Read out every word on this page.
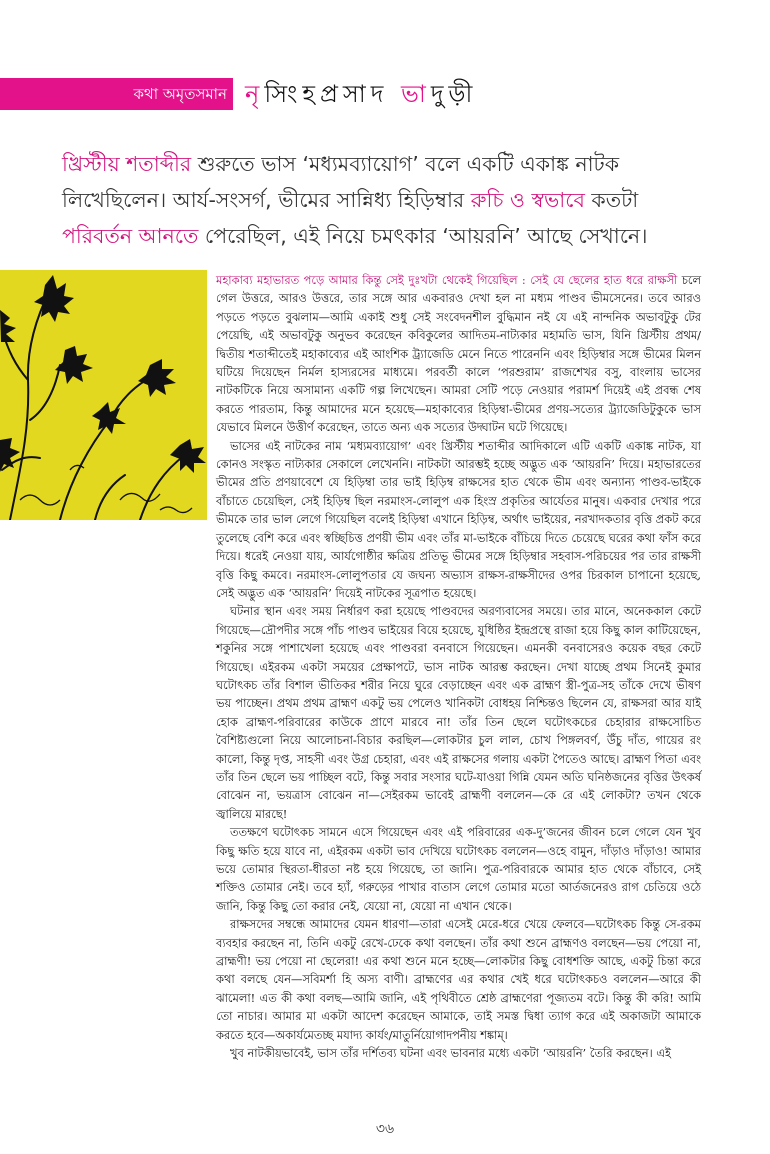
কথা অমৃতসমান নৃসিংহপ্রসাদ ভাদুড়ী
খ্রিস্টীয় শতাব্দীর শুরুতে ভাস ‘মধ্যমব্যায়োগ’ বলে একটি একাঙ্ক নাটক লিখেছিলেন। আর্য-সংসর্গ, ভীমের সান্নিধ্য হিড়িম্বার রুচি ও স্বভাবে কতটা পরিবর্তন আনতে পেরেছিল, এই নিয়ে চমৎকার ‘আয়রনি’ আছে সেখানে।

মহাকাব্য মহাভারত পড়ে আমার কিন্তু সেই দুঃখটা থেকেই গিয়েছিল : সেই যে ছেলের হাত ধরে রাক্ষসী চলে গেল উত্তরে, আরও উত্তরে, তার সঙ্গে আর একবারও দেখা হল না মধ্যম পাণ্ডব ভীমসেনের। তবে আরও পড়তে পড়তে বুঝলাম—আমি একাই শুধু সেই সংবেদনশীল বুদ্ধিমান নই যে এই নান্দনিক অভাবটুকু টের পেয়েছি, এই অভাবটুকু অনুভব করেছেন কবিকুলের আদিতম-নাট্যকার মহামতি ভাস, যিনি খ্রিস্টীয় প্রথম/দ্বিতীয় শতাব্দীতেই মহাকাব্যের এই আংশিক ট্র্যাজেডি মেনে নিতে পারেননি এবং হিড়িম্বার সঙ্গে ভীমের মিলন ঘটিয়ে দিয়েছেন নির্মল হাস্যরসের মাধ্যমে। পরবর্তী কালে ‘পরশুরাম’ রাজশেখর বসু, বাংলায় ভাসের নাটকটিকে নিয়ে অসামান্য একটি গল্প লিখেছেন। আমরা সেটি পড়ে নেওয়ার পরামর্শ দিয়েই এই প্রবন্ধ শেষ করতে পারতাম, কিন্তু আমাদের মনে হয়েছে—মহাকাব্যের হিড়িম্বা-ভীমের প্রণয়-সত্যের ট্র্যাজেডিটুকুকে ভাস যেভাবে মিলনে উত্তীর্ণ করেছেন, তাতে অন্য এক সত্যের উদ্ঘাটন ঘটে গিয়েছে।

ভাসের এই নাটকের নাম ‘মধ্যমব্যায়োগ’ এবং খ্রিস্টীয় শতাব্দীর আদিকালে এটি একটি একাঙ্ক নাটক, যা কোনও সংস্কৃত নাট্যকার সেকালে লেখেননি। নাটকটা আরম্ভই হচ্ছে অদ্ভুত এক ‘আয়রনি’ দিয়ে। মহাভারতের ভীমের প্রতি প্রণয়াবেশে যে হিড়িম্বা তার ভাই হিড়িম্ব রাক্ষসের হাত থেকে ভীম এবং অন্যান্য পাণ্ডব-ভাইকে বাঁচাতে চেয়েছিল, সেই হিড়িম্ব ছিল নরমাংস-লোলুপ এক হিংস্র প্রকৃতির আর্যেতর মানুষ। একবার দেখার পরে ভীমকে তার ভাল লেগে গিয়েছিল বলেই হিড়িম্বা এখানে হিড়িম্ব, অর্থাৎ ভাইয়ের, নরখাদকতার বৃত্তি প্রকট করে তুলেছে বেশি করে এবং স্বচ্ছিচিত্ত প্রণয়ী ভীম এবং তাঁর মা-ভাইকে বাঁচিয়ে দিতে চেয়েছে ঘরের কথা ফাঁস করে দিয়ে। ধরেই নেওয়া যায়, আর্যগোষ্ঠীর ক্ষত্রিয় প্রতিভূ ভীমের সঙ্গে হিড়িম্বার সহবাস-পরিচয়ের পর তার রাক্ষসী বৃত্তি কিছু কমবে। নরমাংস-লোলুপতার যে জঘন্য অভ্যাস রাক্ষস-রাক্ষসীদের ওপর চিরকাল চাপানো হয়েছে, সেই অদ্ভুত এক ‘আয়রনি’ দিয়েই নাটকের সূত্রপাত হয়েছে।

ঘটনার স্থান এবং সময় নির্ধারণ করা হয়েছে পাণ্ডবদের অরণ্যবাসের সময়ে। তার মানে, অনেককাল কেটে গিয়েছে—দ্রৌপদীর সঙ্গে পাঁচ পাণ্ডব ভাইয়ের বিয়ে হয়েছে, যুধিষ্ঠির ইন্দ্রপ্রস্থে রাজা হয়ে কিছু কাল কাটিয়েছেন, শকুনির সঙ্গে পাশাখেলা হয়েছে এবং পাণ্ডবরা বনবাসে গিয়েছেন। এমনকী বনবাসেরও কয়েক বছর কেটে গিয়েছে। এইরকম একটা সময়ের প্রেক্ষাপটে, ভাস নাটক আরম্ভ করছেন। দেখা যাচ্ছে প্রথম সিনেই কুমার ঘটোৎকচ তাঁর বিশাল ভীতিকর শরীর নিয়ে ঘুরে বেড়াচ্ছেন এবং এক ব্রাহ্মণ স্ত্রী-পুত্র-সহ তাঁকে দেখে ভীষণ ভয় পাচ্ছেন। প্রথম প্রথম ব্রাহ্মণ একটু ভয় পেলেও খানিকটা বোধহয় নিশ্চিন্তও ছিলেন যে, রাক্ষসরা আর যাই হোক ব্রাহ্মণ-পরিবারের কাউকে প্রাণে মারবে না! তাঁর তিন ছেলে ঘটোৎকচের চেহারার রাক্ষসোচিত বৈশিষ্ট্যগুলো নিয়ে আলোচনা-বিচার করছিল—লোকটার চুল লাল, চোখ পিঙ্গলবর্ণ, উঁচু দাঁত, গায়ের রং কালো, কিন্তু দৃপ্ত, সাহসী এবং উগ্র চেহারা, এবং এই রাক্ষসের গলায় একটা পৈতেও আছে। ব্রাহ্মণ পিতা এবং তাঁর তিন ছেলে ভয় পাচ্ছিল বটে, কিন্তু সবার সংসার ঘটে-যাওয়া গিন্নি যেমন অতি ঘনিষ্ঠজনের বৃত্তির উৎকর্ষ বোঝেন না, ভয়ত্রাস বোঝেন না—সেইরকম ভাবেই ব্রাহ্মণী বললেন—কে রে এই লোকটা? তখন থেকে জ্বালিয়ে মারছে!

ততক্ষণে ঘটোৎকচ সামনে এসে গিয়েছেন এবং এই পরিবারের এক-দু’জনের জীবন চলে গেলে যেন খুব কিছু ক্ষতি হয়ে যাবে না, এইরকম একটা ভাব দেখিয়ে ঘটোৎকচ বললেন—ওহে বামুন, দাঁড়াও দাঁড়াও! আমার ভয়ে তোমার স্থিরতা-ধীরতা নষ্ট হয়ে গিয়েছে, তা জানি। পুত্র-পরিবারকে আমার হাত থেকে বাঁচাবে, সেই শক্তিও তোমার নেই। তবে হ্যাঁ, গরুড়ের পাখার বাতাস লেগে তোমার মতো আর্তজনেরও রাগ চেতিয়ে ওঠে জানি, কিন্তু কিছু তো করার নেই, যেয়ো না, যেয়ো না এখান থেকে।

রাক্ষসদের সম্বন্ধে আমাদের যেমন ধারণা—তারা এসেই মেরে-ধরে খেয়ে ফেলবে—ঘটোৎকচ কিন্তু সে-রকম ব্যবহার করছেন না, তিনি একটু রেখে-ঢেকে কথা বলছেন। তাঁর কথা শুনে ব্রাহ্মণও বলছেন—ভয় পেয়ো না, ব্রাহ্মণী! ভয় পেয়ো না ছেলেরা! এর কথা শুনে মনে হচ্ছে—লোকটার কিছু বোধশক্তি আছে, একটু চিন্তা করে কথা বলছে যেন—সবিমর্শা হি অস্য বাণী। ব্রাহ্মণের এর কথার খেই ধরে ঘটোৎকচও বললেন—আরে কী ঝামেলা! এত কী কথা বলছ—আমি জানি, এই পৃথিবীতে শ্রেষ্ঠ ব্রাহ্মণেরা পূজ্যতম বটে। কিন্তু কী করি! আমি তো নাচার। আমার মা একটা আদেশ করেছেন আমাকে, তাই সমস্ত দ্বিধা ত্যাগ করে এই অকাজটা আমাকে করতে হবে—অকার্যমেতচ্ছ মযাদ্য কার্যং/মাতুর্নিয়োগাদপনীয় শঙ্কাম্।

খুব নাটকীয়ভাবেই, ভাস তাঁর দর্শিতব্য ঘটনা এবং ভাবনার মধ্যে একটা ‘আয়রনি’ তৈরি করছেন। এই

৩৬
